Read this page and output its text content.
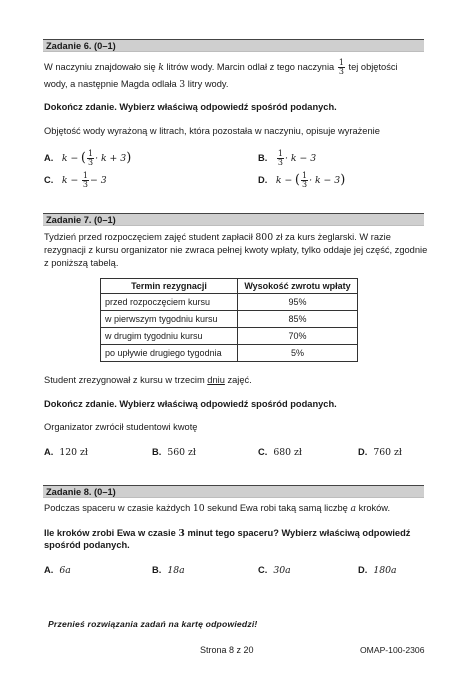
Zadanie 6. (0–1)
W naczyniu znajdowało się k litrów wody. Marcin odlał z tego naczynia $\frac{1}{3}$ tej objętości
wody, a następnie Magda odlała 3 litry wody.
Dokończ zdanie. Wybierz właściwą odpowiedź spośród podanych.
Objętość wody wyrażoną w litrach, która pozostała w naczyniu, opisuje wyrażenie
A. k − ( $\frac{1}{3} \cdot k + 3$)	B. $\frac{1}{3} \cdot k - 3$
C. $k - \frac{1}{3} - 3$	D. k − ( $\frac{1}{3} \cdot k - 3$)
Zadanie 7. (0–1)
Tydzień przed rozpoczęciem zajęć student zapłacił 800 zł za kurs żeglarski. W razie
rezygnacji z kursu organizator nie zwraca pełnej kwoty wpłaty, tylko oddaje jej część, zgodnie
z poniższą tabelą.
Termin rezygnacji	Wysokość zwrotu wpłaty
przed rozpoczęciem kursu	95%
w pierwszym tygodniu kursu	85%
w drugim tygodniu kursu	70%
po upływie drugiego tygodnia	5%
Student zrezygnował z kursu w trzecim dniu zajęć.
Dokończ zdanie. Wybierz właściwą odpowiedź spośród podanych.
Organizator zwrócił studentowi kwotę
A. 120 zł	B. 560 zł	C. 680 zł	D. 760 zł
Zadanie 8. (0–1)
Podczas spaceru w czasie każdych 10 sekund Ewa robi taką samą liczbę a kroków.
Ile kroków zrobi Ewa w czasie 3 minut tego spaceru? Wybierz właściwą odpowiedź
spośród podanych.
A. 6a	B. 18a	C. 30a	D. 180a
Przenieś rozwiązania zadań na kartę odpowiedzi!
Strona 8 z 20	OMAP-100-2306
